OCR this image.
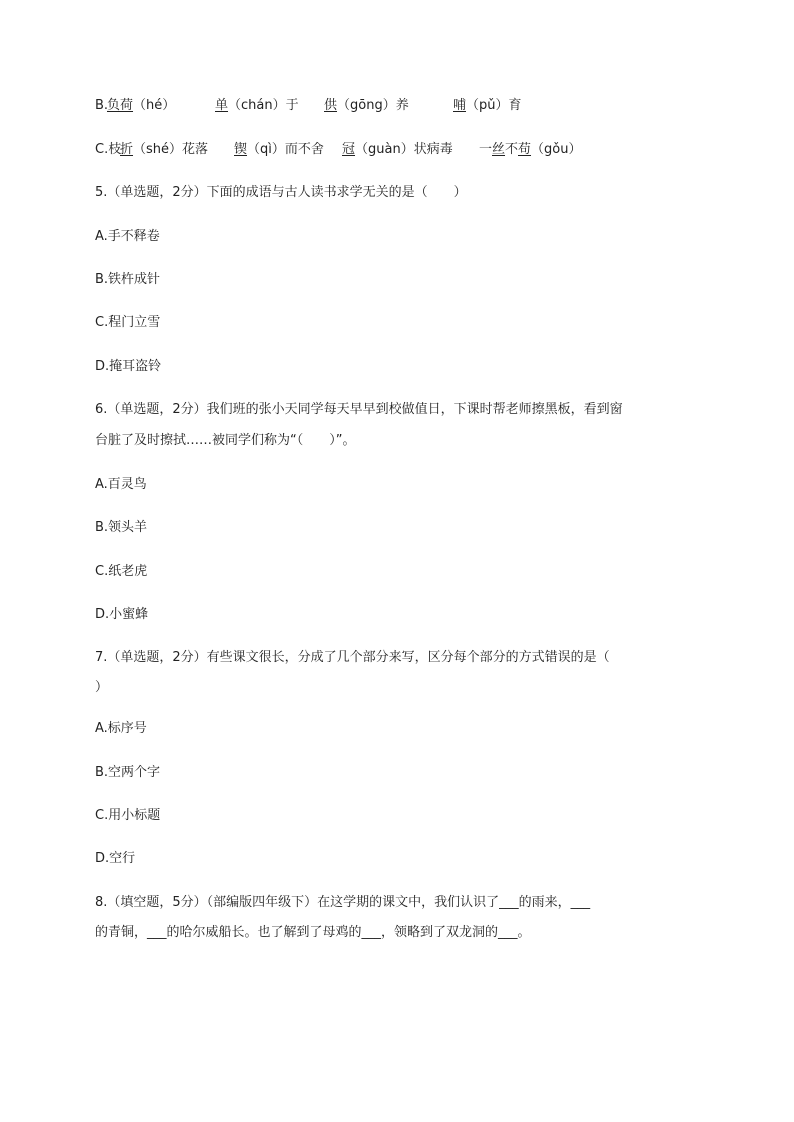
B.
负荷 （hé）	单 （chán）于 供 （gōng）养	哺 （pǔ）育
C.枝
折 （shé）花落 锲 （qì）而不舍 冠 （guàn）状病毒 一 丝 不 苟 （gǒu）
5.（单选题，2分）下面的成语与古人读书求学无关的是（　　）
A.手不释卷
B.铁杵成针
C.程门立雪
D.掩耳盗铃
6.（单选题，2分）我们班的张小天同学每天早早到校做值日，下课时帮老师擦黑板，看到窗
台脏了及时擦拭……被同学们称为“（　　）”。
A.百灵鸟
B.领头羊
C.纸老虎
D.小蜜蜂
7.（单选题，2分）有些课文很长，分成了几个部分来写，区分每个部分的方式错误的是（
）
A.标序号
B.空两个字
C.用小标题
D.空行
8.（填空题，5分）（部编版四年级下）在这学期的课文中，我们认识了___的雨来，___
的青铜，___的哈尔威船长。也了解到了母鸡的___，领略到了双龙洞的___。
